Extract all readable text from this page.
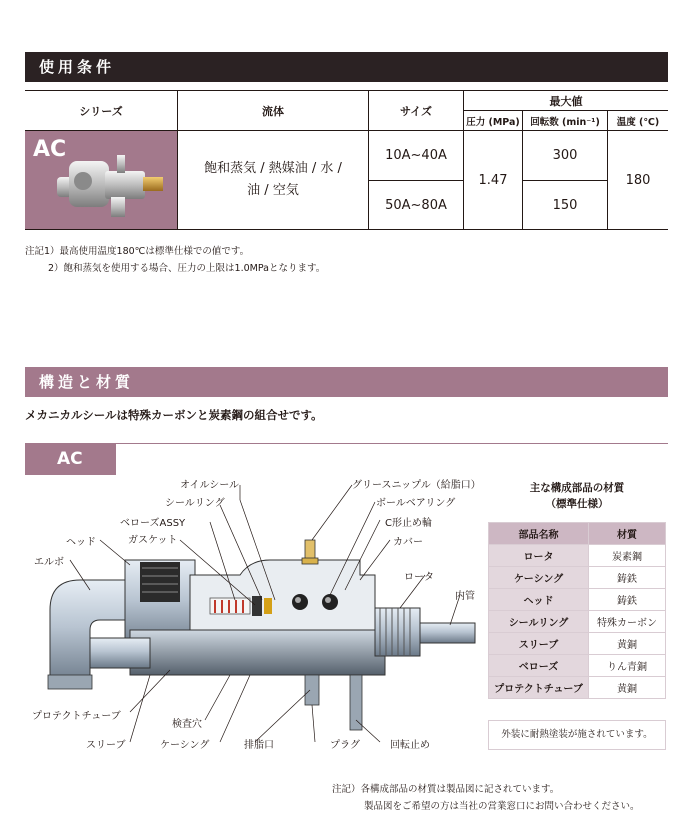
使用条件
シリーズ	流体	サイズ	最大値		
			圧力 (MPa)	回転数 (min⁻¹)	温度 (℃)

AC	飽和蒸気 / 熱媒油 / 水 / 油 / 空気	10A~40A	1.47	300	180
		50A~80A		150	
注記1）最高使用温度180℃は標準仕様での値です。
2）飽和蒸気を使用する場合、圧力の上限は1.0MPaとなります。
構造と材質
メカニカルシールは特殊カーボンと炭素鋼の組合せです。
AC
オイルシール
シールリング
ベローズASSY
ガスケット
ヘッド
エルボ
グリースニップル（給脂口）
ボールベアリング
C形止め輪
カバー
ロータ
内管
プロテクトチューブ
検査穴
スリーブ	ケーシング	排脂口	プラグ	回転止め
主な構成部品の材質
（標準仕様）
部品名称	材質
ロータ	炭素鋼
ケーシング	鋳鉄
ヘッド	鋳鉄
シールリング	特殊カーボン
スリーブ	黄銅
ベローズ	りん青銅
プロテクトチューブ	黄銅
外装に耐熱塗装が施されています。
注記）各構成部品の材質は製品図に記されています。
製品図をご希望の方は当社の営業窓口にお問い合わせください。
